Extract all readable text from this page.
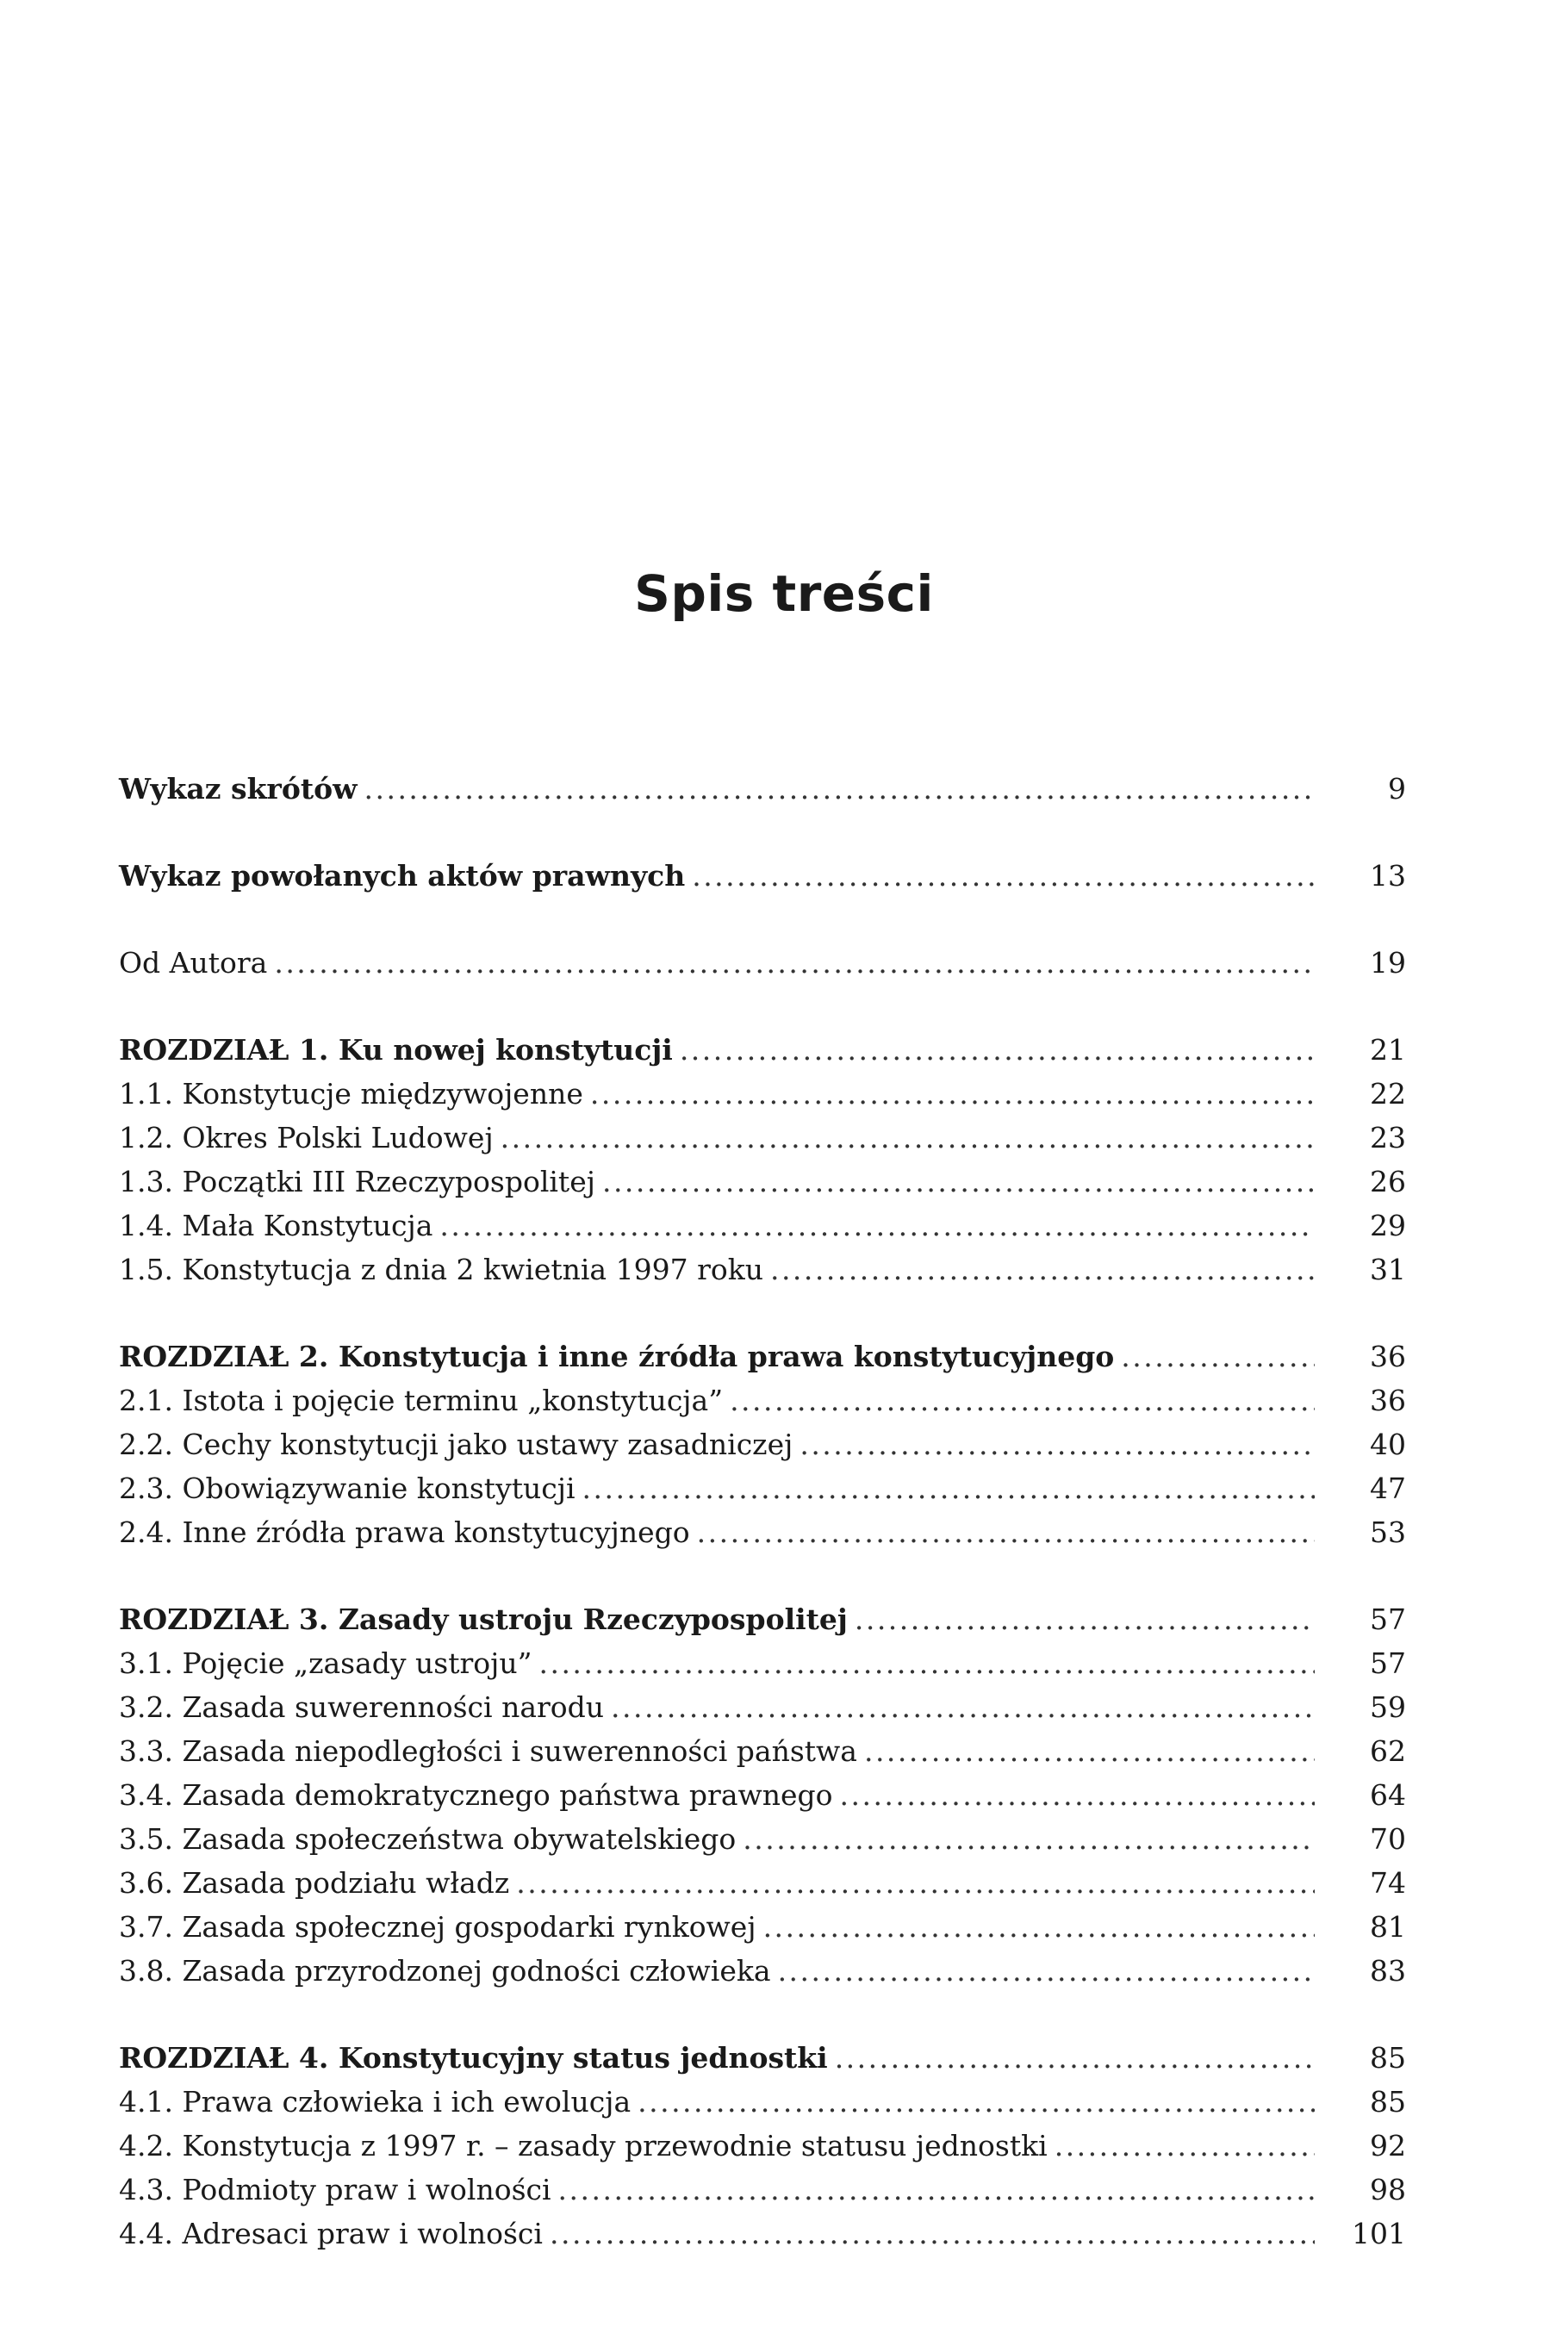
Spis treści
Wykaz skrótów . . .	9
Wykaz powołanych aktów prawnych . . .	13
Od Autora . . .	19
ROZDZIAŁ 1. Ku nowej konstytucji . . .	21
1.1. Konstytucje międzywojenne . . .	22
1.2. Okres Polski Ludowej . . .	23
1.3. Początki III Rzeczypospolitej . . .	26
1.4. Mała Konstytucja . . .	29
1.5. Konstytucja z dnia 2 kwietnia 1997 roku . . .	31
ROZDZIAŁ 2. Konstytucja i inne źródła prawa konstytucyjnego . . .	36
2.1. Istota i pojęcie terminu „konstytucja” . . .	36
2.2. Cechy konstytucji jako ustawy zasadniczej . . .	40
2.3. Obowiązywanie konstytucji . . .	47
2.4. Inne źródła prawa konstytucyjnego . . .	53
ROZDZIAŁ 3. Zasady ustroju Rzeczypospolitej . . .	57
3.1. Pojęcie „zasady ustroju” . . .	57
3.2. Zasada suwerenności narodu . . .	59
3.3. Zasada niepodległości i suwerenności państwa . . .	62
3.4. Zasada demokratycznego państwa prawnego . . .	64
3.5. Zasada społeczeństwa obywatelskiego . . .	70
3.6. Zasada podziału władz . . .	74
3.7. Zasada społecznej gospodarki rynkowej . . .	81
3.8. Zasada przyrodzonej godności człowieka . . .	83
ROZDZIAŁ 4. Konstytucyjny status jednostki . . .	85
4.1. Prawa człowieka i ich ewolucja . . .	85
4.2. Konstytucja z 1997 r. – zasady przewodnie statusu jednostki . . .	92
4.3. Podmioty praw i wolności . . .	98
4.4. Adresaci praw i wolności . . .	101
